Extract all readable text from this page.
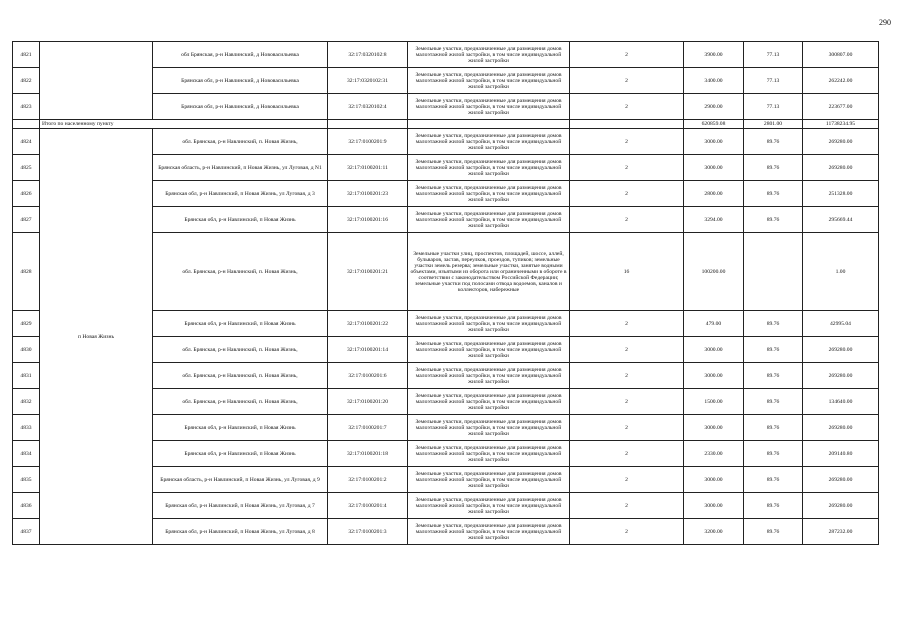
290
4821		обл Брянская, р-н Навлинский, д Нововасильевка	32:17:0320102:8	Земельные участки, предназначенные для размещения домов малоэтажной жилой застройки, в том числе индивидуальной жилой застройки	2	3900.00	77.13	300807.00
4822		Брянская обл, р-н Навлинский, д Нововасильевка	32:17:0320102:31	Земельные участки, предназначенные для размещения домов малоэтажной жилой застройки, в том числе индивидуальной жилой застройки	2	3400.00	77.13	262242.00
4823		Брянская обл, р-н Навлинский, д Нововасильевка	32:17:0320102:4	Земельные участки, предназначенные для размещения домов малоэтажной жилой застройки, в том числе индивидуальной жилой застройки	2	2900.00	77.13	223677.00
	Итого по населенному пункту					620859.08	2801.00	11738234.95
4824	п Новая Жизнь	обл. Брянская, р-н Навлинский, п. Новая Жизнь,	32:17:0100201:9	Земельные участки, предназначенные для размещения домов малоэтажной жилой застройки, в том числе индивидуальной жилой застройки	2	3000.00	89.76	269280.00
4825		Брянская область, р-н Навлинский, п Новая Жизнь, ул Луговая, д N1	32:17:0100201:11	Земельные участки, предназначенные для размещения домов малоэтажной жилой застройки, в том числе индивидуальной жилой застройки	2	3000.00	89.76	269280.00
4826		Брянская обл, р-н Навлинский, п Новая Жизнь, ул Луговая, д 3	32:17:0100201:23	Земельные участки, предназначенные для размещения домов малоэтажной жилой застройки, в том числе индивидуальной жилой застройки	2	2800.00	89.76	251328.00
4827		Брянская обл, р-н Навлинский, п Новая Жизнь	32:17:0100201:16	Земельные участки, предназначенные для размещения домов малоэтажной жилой застройки, в том числе индивидуальной жилой застройки	2	3294.00	89.76	295669.44
4828		обл. Брянская, р-н Навлинский, п. Новая Жизнь,	32:17:0100201:21	Земельные участки улиц, проспектов, площадей, шоссе, аллей, бульваров, застав, переулков, проездов, тупиков; земельные участки земель резерва; земельные участки, занятые водными объектами, изъятыми из оборота или ограниченными в обороте в соответствии с законодательством Российской Федерации; земельные участки под полосами отвода водоемов, каналов и коллекторов, набережные	16	100200.00		1.00
4829		Брянская обл, р-н Навлинский, п Новая Жизнь	32:17:0100201:22	Земельные участки, предназначенные для размещения домов малоэтажной жилой застройки, в том числе индивидуальной жилой застройки	2	479.00	89.76	42995.04
4830		обл. Брянская, р-н Навлинский, п. Новая Жизнь,	32:17:0100201:14	Земельные участки, предназначенные для размещения домов малоэтажной жилой застройки, в том числе индивидуальной жилой застройки	2	3000.00	89.76	269280.00
4831		обл. Брянская, р-н Навлинский, п. Новая Жизнь,	32:17:0100201:6	Земельные участки, предназначенные для размещения домов малоэтажной жилой застройки, в том числе индивидуальной жилой застройки	2	3000.00	89.76	269280.00
4832		обл. Брянская, р-н Навлинский, п. Новая Жизнь,	32:17:0100201:20	Земельные участки, предназначенные для размещения домов малоэтажной жилой застройки, в том числе индивидуальной жилой застройки	2	1500.00	89.76	134640.00
4833		Брянская обл, р-н Навлинский, п Новая Жизнь	32:17:0100201:7	Земельные участки, предназначенные для размещения домов малоэтажной жилой застройки, в том числе индивидуальной жилой застройки	2	3000.00	89.76	269280.00
4834		Брянская обл, р-н Навлинский, п Новая Жизнь	32:17:0100201:18	Земельные участки, предназначенные для размещения домов малоэтажной жилой застройки, в том числе индивидуальной жилой застройки	2	2330.00	89.76	209140.80
4835		Брянская область, р-н Навлинский, п Новая Жизнь, ул Луговая, д 9	32:17:0100201:2	Земельные участки, предназначенные для размещения домов малоэтажной жилой застройки, в том числе индивидуальной жилой застройки	2	3000.00	89.76	269280.00
4836		Брянская обл, р-н Навлинский, п Новая Жизнь, ул Луговая, д 7	32:17:0100201:4	Земельные участки, предназначенные для размещения домов малоэтажной жилой застройки, в том числе индивидуальной жилой застройки	2	3000.00	89.76	269280.00
4837		Брянская обл, р-н Навлинский, п Новая Жизнь, ул Луговая, д 8	32:17:0100201:3	Земельные участки, предназначенные для размещения домов малоэтажной жилой застройки, в том числе индивидуальной жилой застройки	2	3200.00	89.76	287232.00
